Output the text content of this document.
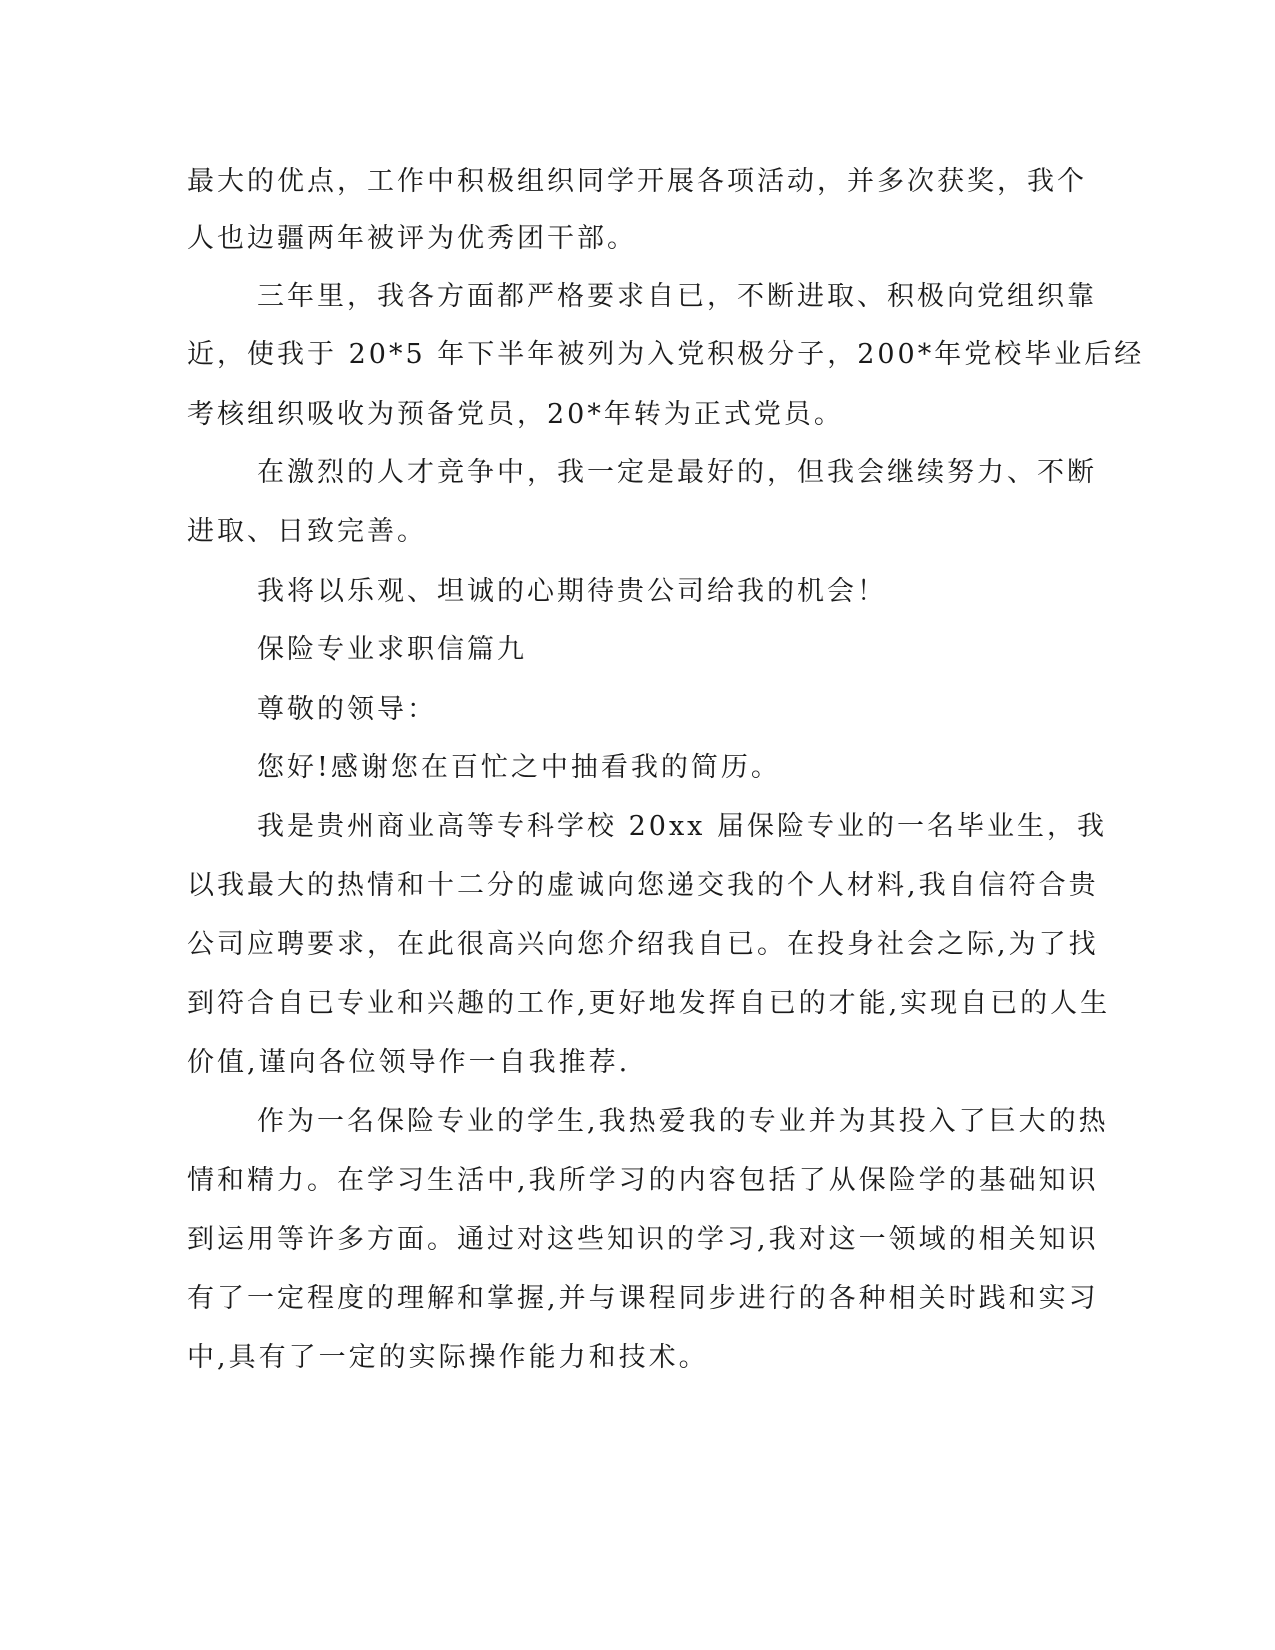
最大的优点，工作中积极组织同学开展各项活动，并多次获奖，我个
人也边疆两年被评为优秀团干部。
三年里，我各方面都严格要求自已，不断进取、积极向党组织靠
近，使我于 20*5 年下半年被列为入党积极分子，200*年党校毕业后经
考核组织吸收为预备党员，20*年转为正式党员。
在激烈的人才竞争中，我一定是最好的，但我会继续努力、不断
进取、日致完善。
我将以乐观、坦诚的心期待贵公司给我的机会！
保险专业求职信篇九
尊敬的领导：
您好!感谢您在百忙之中抽看我的简历。
我是贵州商业高等专科学校 20xx 届保险专业的一名毕业生，我
以我最大的热情和十二分的虚诚向您递交我的个人材料,我自信符合贵
公司应聘要求，在此很高兴向您介绍我自已。在投身社会之际,为了找
到符合自已专业和兴趣的工作,更好地发挥自已的才能,实现自已的人生
价值,谨向各位领导作一自我推荐.
作为一名保险专业的学生,我热爱我的专业并为其投入了巨大的热
情和精力。在学习生活中,我所学习的内容包括了从保险学的基础知识
到运用等许多方面。通过对这些知识的学习,我对这一领域的相关知识
有了一定程度的理解和掌握,并与课程同步进行的各种相关时践和实习
中,具有了一定的实际操作能力和技术。
